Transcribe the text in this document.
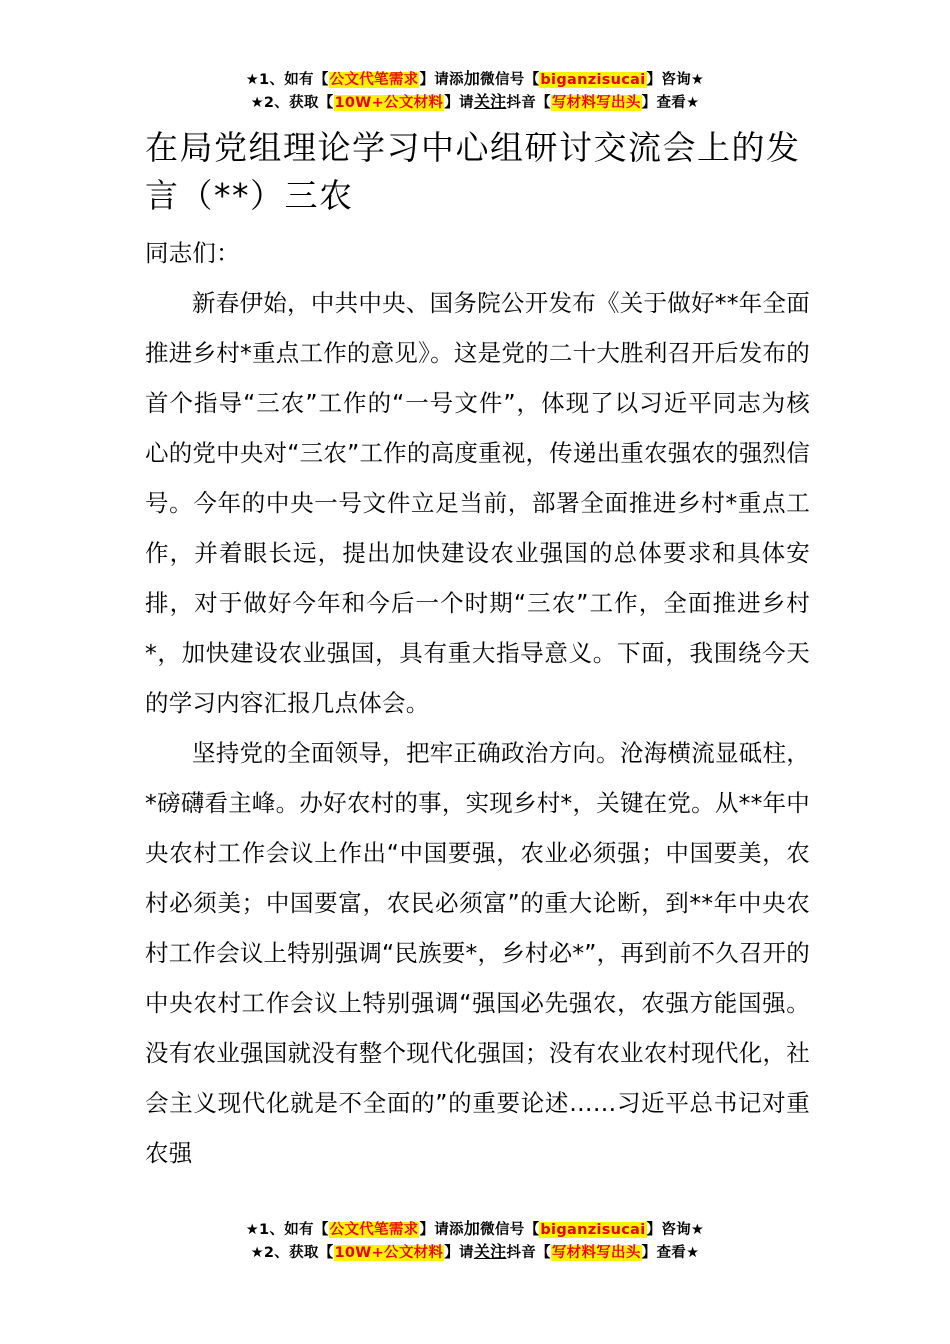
★1、如有【公文代笔需求】请添加微信号【biganzisucai】咨询★
★2、获取【10W+公文材料】请关注抖音【写材料写出头】查看★
在局党组理论学习中心组研讨交流会上的发言（**）三农

同志们：

新春伊始，中共中央、国务院公开发布《关于做好**年全面推进乡村*重点工作的意见》。这是党的二十大胜利召开后发布的首个指导“三农”工作的“一号文件”，体现了以习近平同志为核心的党中央对“三农”工作的高度重视，传递出重农强农的强烈信号。今年的中央一号文件立足当前，部署全面推进乡村*重点工作，并着眼长远，提出加快建设农业强国的总体要求和具体安排，对于做好今年和今后一个时期“三农”工作，全面推进乡村*，加快建设农业强国，具有重大指导意义。下面，我围绕今天的学习内容汇报几点体会。

坚持党的全面领导，把牢正确政治方向。沧海横流显砥柱，*磅礴看主峰。办好农村的事，实现乡村*，关键在党。从**年中央农村工作会议上作出“中国要强，农业必须强；中国要美，农村必须美；中国要富，农民必须富”的重大论断，到**年中央农村工作会议上特别强调“民族要*，乡村必*”，再到前不久召开的中央农村工作会议上特别强调“强国必先强农，农强方能国强。没有农业强国就没有整个现代化强国；没有农业农村现代化，社会主义现代化就是不全面的”的重要论述……习近平总书记对重农强

★1、如有【公文代笔需求】请添加微信号【biganzisucai】咨询★
★2、获取【10W+公文材料】请关注抖音【写材料写出头】查看★
